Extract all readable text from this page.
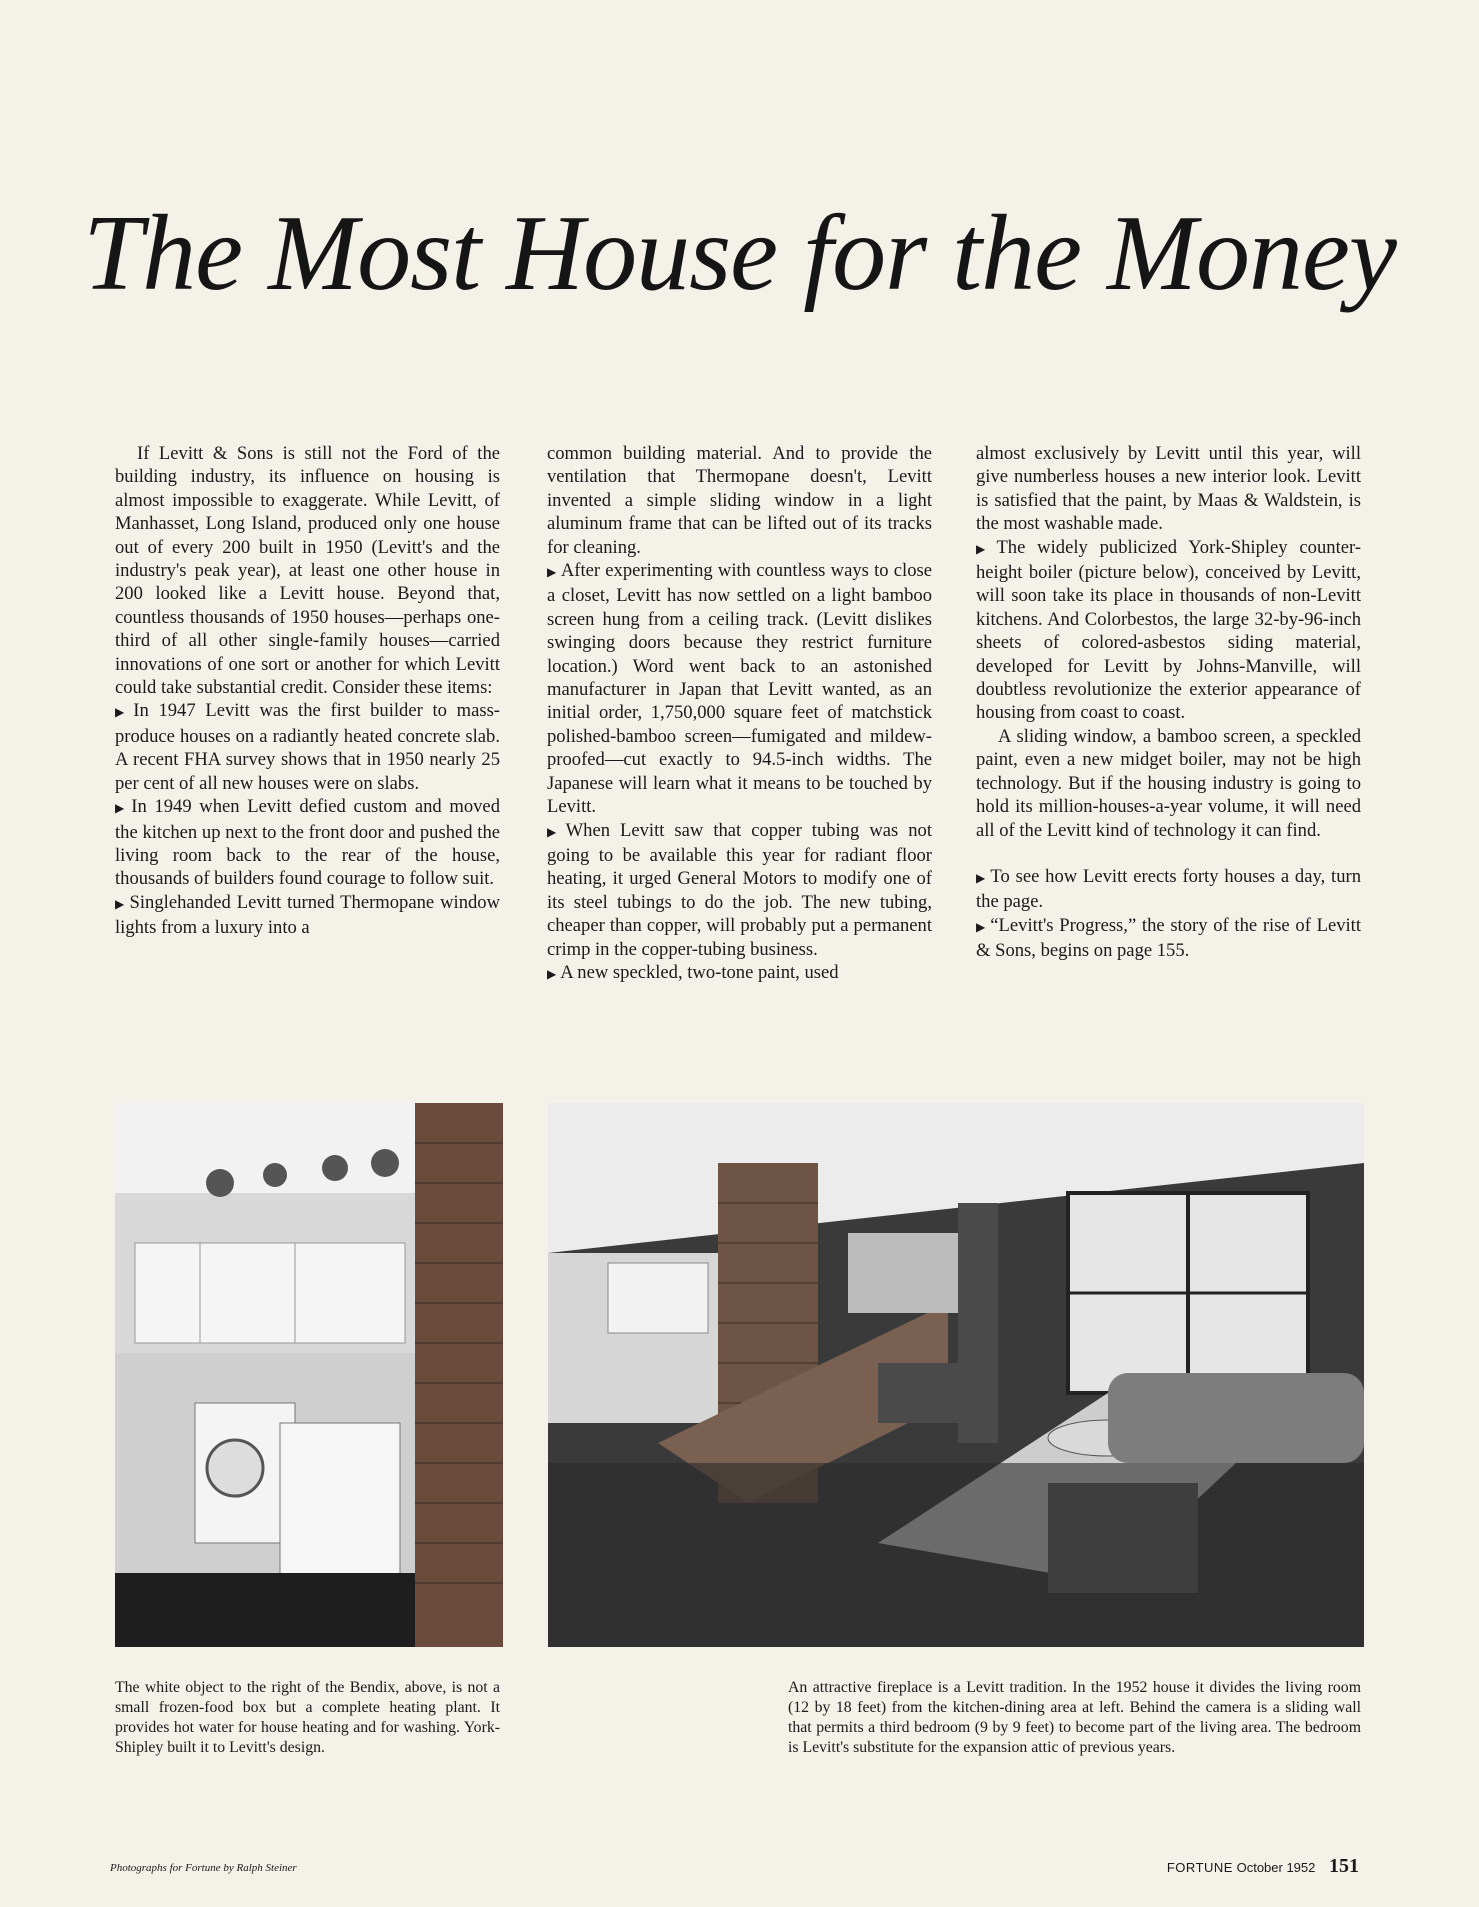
The Most House for the Money

If Levitt & Sons is still not the Ford of the building industry, its influence on housing is almost impossible to exaggerate. While Levitt, of Manhasset, Long Island, produced only one house out of every 200 built in 1950 (Levitt's and the industry's peak year), at least one other house in 200 looked like a Levitt house. Beyond that, countless thousands of 1950 houses—perhaps one-third of all other single-family houses—carried innovations of one sort or another for which Levitt could take substantial credit. Consider these items:

▶ In 1947 Levitt was the first builder to mass-produce houses on a radiantly heated concrete slab. A recent FHA survey shows that in 1950 nearly 25 per cent of all new houses were on slabs.

▶ In 1949 when Levitt defied custom and moved the kitchen up next to the front door and pushed the living room back to the rear of the house, thousands of builders found courage to follow suit.

▶ Singlehanded Levitt turned Thermopane window lights from a luxury into a

common building material. And to provide the ventilation that Thermopane doesn't, Levitt invented a simple sliding window in a light aluminum frame that can be lifted out of its tracks for cleaning.

▶ After experimenting with countless ways to close a closet, Levitt has now settled on a light bamboo screen hung from a ceiling track. (Levitt dislikes swinging doors because they restrict furniture location.) Word went back to an astonished manufacturer in Japan that Levitt wanted, as an initial order, 1,750,000 square feet of matchstick polished-bamboo screen—fumigated and mildew-proofed—cut exactly to 94.5-inch widths. The Japanese will learn what it means to be touched by Levitt.

▶ When Levitt saw that copper tubing was not going to be available this year for radiant floor heating, it urged General Motors to modify one of its steel tubings to do the job. The new tubing, cheaper than copper, will probably put a permanent crimp in the copper-tubing business.

▶ A new speckled, two-tone paint, used

almost exclusively by Levitt until this year, will give numberless houses a new interior look. Levitt is satisfied that the paint, by Maas & Waldstein, is the most washable made.

▶ The widely publicized York-Shipley counter-height boiler (picture below), conceived by Levitt, will soon take its place in thousands of non-Levitt kitchens. And Colorbestos, the large 32-by-96-inch sheets of colored-asbestos siding material, developed for Levitt by Johns-Manville, will doubtless revolutionize the exterior appearance of housing from coast to coast.

A sliding window, a bamboo screen, a speckled paint, even a new midget boiler, may not be high technology. But if the housing industry is going to hold its million-houses-a-year volume, it will need all of the Levitt kind of technology it can find.

▶ To see how Levitt erects forty houses a day, turn the page.

▶ “Levitt's Progress,” the story of the rise of Levitt & Sons, begins on page 155.

The white object to the right of the Bendix, above, is not a small frozen-food box but a complete heating plant. It provides hot water for house heating and for washing. York-Shipley built it to Levitt's design.
An attractive fireplace is a Levitt tradition. In the 1952 house it divides the living room (12 by 18 feet) from the kitchen-dining area at left. Behind the camera is a sliding wall that permits a third bedroom (9 by 9 feet) to become part of the living area. The bedroom is Levitt's substitute for the expansion attic of previous years.
Photographs for Fortune by Ralph Steiner	FORTUNE October 1952 151
